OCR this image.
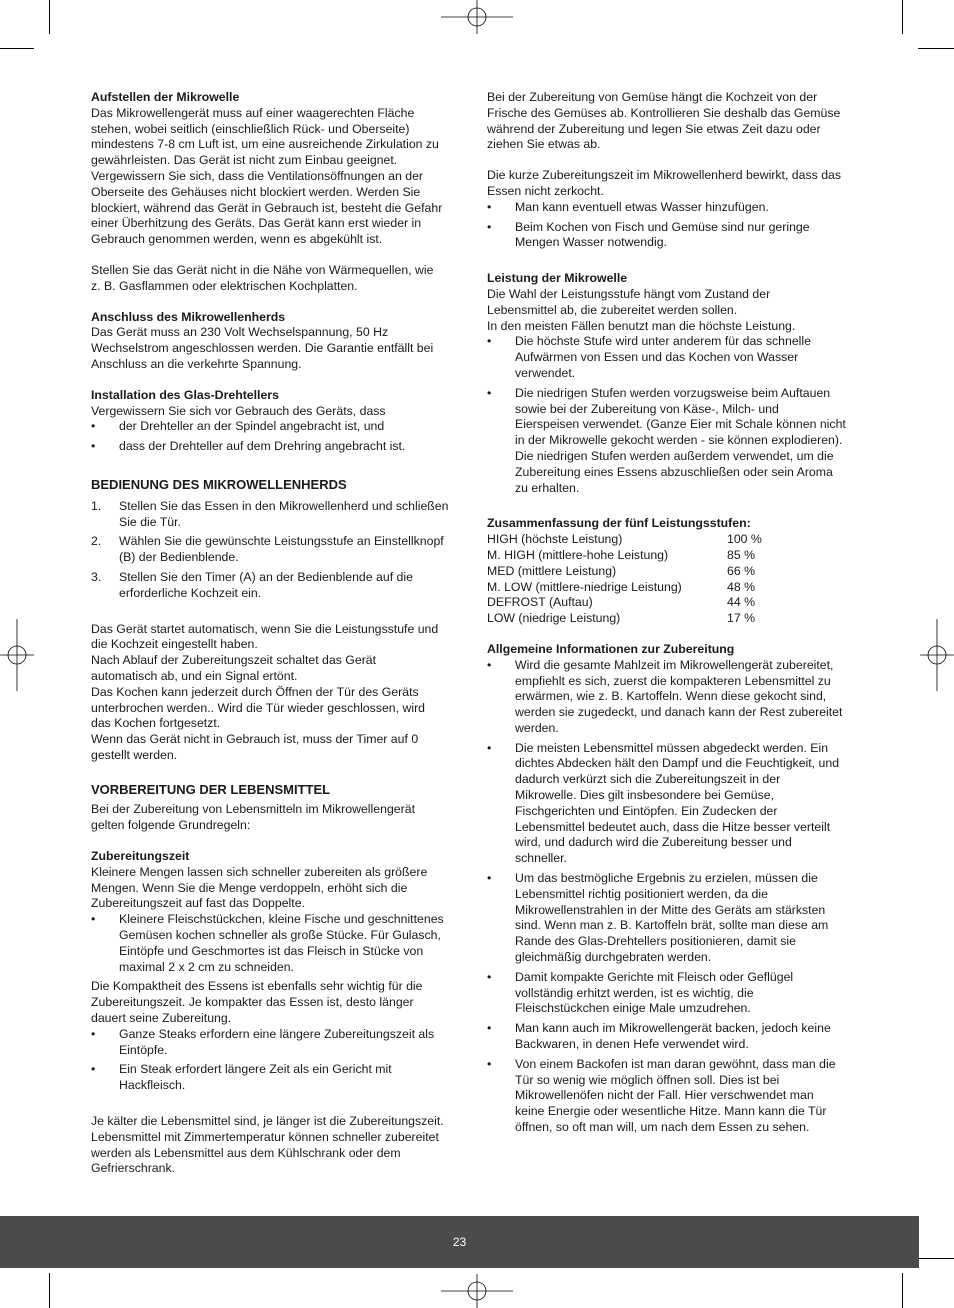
Aufstellen der Mikrowelle

Das Mikrowellengerät muss auf einer waagerechten Fläche

stehen, wobei seitlich (einschließlich Rück- und Oberseite)

mindestens 7-8 cm Luft ist, um eine ausreichende Zirkulation zu

gewährleisten. Das Gerät ist nicht zum Einbau geeignet.

Vergewissern Sie sich, dass die Ventilationsöffnungen an der

Oberseite des Gehäuses nicht blockiert werden. Werden Sie

blockiert, während das Gerät in Gebrauch ist, besteht die Gefahr

einer Überhitzung des Geräts. Das Gerät kann erst wieder in

Gebrauch genommen werden, wenn es abgekühlt ist.

Stellen Sie das Gerät nicht in die Nähe von Wärmequellen, wie

z. B. Gasflammen oder elektrischen Kochplatten.

Anschluss des Mikrowellenherds

Das Gerät muss an 230 Volt Wechselspannung, 50 Hz

Wechselstrom angeschlossen werden. Die Garantie entfällt bei

Anschluss an die verkehrte Spannung.

Installation des Glas-Drehtellers

Vergewissern Sie sich vor Gebrauch des Geräts, dass

•	der Drehteller an der Spindel angebracht ist, und

•	dass der Drehteller auf dem Drehring angebracht ist.

BEDIENUNG DES MIKROWELLENHERDS

1.	Stellen Sie das Essen in den Mikrowellenherd und schließen

Sie die Tür.

2.	Wählen Sie die gewünschte Leistungsstufe an Einstellknopf

(B) der Bedienblende.

3.	Stellen Sie den Timer (A) an der Bedienblende auf die

erforderliche Kochzeit ein.

Das Gerät startet automatisch, wenn Sie die Leistungsstufe und

die Kochzeit eingestellt haben.

Nach Ablauf der Zubereitungszeit schaltet das Gerät

automatisch ab, und ein Signal ertönt.

Das Kochen kann jederzeit durch Öffnen der Tür des Geräts

unterbrochen werden.. Wird die Tür wieder geschlossen, wird

das Kochen fortgesetzt.

Wenn das Gerät nicht in Gebrauch ist, muss der Timer auf 0

gestellt werden.

VORBEREITUNG DER LEBENSMITTEL

Bei der Zubereitung von Lebensmitteln im Mikrowellengerät

gelten folgende Grundregeln:

Zubereitungszeit

Kleinere Mengen lassen sich schneller zubereiten als größere

Mengen. Wenn Sie die Menge verdoppeln, erhöht sich die

Zubereitungszeit auf fast das Doppelte.

•	Kleinere Fleischstückchen, kleine Fische und geschnittenes

Gemüsen kochen schneller als große Stücke. Für Gulasch,

Eintöpfe und Geschmortes ist das Fleisch in Stücke von

maximal 2 x 2 cm zu schneiden.

Die Kompaktheit des Essens ist ebenfalls sehr wichtig für die

Zubereitungszeit. Je kompakter das Essen ist, desto länger

dauert seine Zubereitung.

•	Ganze Steaks erfordern eine längere Zubereitungszeit als

Eintöpfe.

•	Ein Steak erfordert längere Zeit als ein Gericht mit

Hackfleisch.

Je kälter die Lebensmittel sind, je länger ist die Zubereitungszeit.

Lebensmittel mit Zimmertemperatur können schneller zubereitet

werden als Lebensmittel aus dem Kühlschrank oder dem

Gefrierschrank.

Bei der Zubereitung von Gemüse hängt die Kochzeit von der

Frische des Gemüses ab. Kontrollieren Sie deshalb das Gemüse

während der Zubereitung und legen Sie etwas Zeit dazu oder

ziehen Sie etwas ab.

Die kurze Zubereitungszeit im Mikrowellenherd bewirkt, dass das

Essen nicht zerkocht.

•	Man kann eventuell etwas Wasser hinzufügen.

•	Beim Kochen von Fisch und Gemüse sind nur geringe

Mengen Wasser notwendig.

Leistung der Mikrowelle

Die Wahl der Leistungsstufe hängt vom Zustand der

Lebensmittel ab, die zubereitet werden sollen.

In den meisten Fällen benutzt man die höchste Leistung.

•	Die höchste Stufe wird unter anderem für das schnelle

Aufwärmen von Essen und das Kochen von Wasser

verwendet.

•	Die niedrigen Stufen werden vorzugsweise beim Auftauen

sowie bei der Zubereitung von Käse-, Milch- und

Eierspeisen verwendet. (Ganze Eier mit Schale können nicht

in der Mikrowelle gekocht werden - sie können explodieren).

Die niedrigen Stufen werden außerdem verwendet, um die

Zubereitung eines Essens abzuschließen oder sein Aroma

zu erhalten.

Zusammenfassung der fünf Leistungsstufen:

HIGH (höchste Leistung)	100 %
M. HIGH (mittlere-hohe Leistung)	85 %
MED (mittlere Leistung)	66 %
M. LOW (mittlere-niedrige Leistung)	48 %
DEFROST (Auftau)	44 %
LOW (niedrige Leistung)	17 %

Allgemeine Informationen zur Zubereitung

•	Wird die gesamte Mahlzeit im Mikrowellengerät zubereitet,

empfiehlt es sich, zuerst die kompakteren Lebensmittel zu

erwärmen, wie z. B. Kartoffeln. Wenn diese gekocht sind,

werden sie zugedeckt, und danach kann der Rest zubereitet

werden.

•	Die meisten Lebensmittel müssen abgedeckt werden. Ein

dichtes Abdecken hält den Dampf und die Feuchtigkeit, und

dadurch verkürzt sich die Zubereitungszeit in der

Mikrowelle. Dies gilt insbesondere bei Gemüse,

Fischgerichten und Eintöpfen. Ein Zudecken der

Lebensmittel bedeutet auch, dass die Hitze besser verteilt

wird, und dadurch wird die Zubereitung besser und

schneller.

•	Um das bestmögliche Ergebnis zu erzielen, müssen die

Lebensmittel richtig positioniert werden, da die

Mikrowellenstrahlen in der Mitte des Geräts am stärksten

sind. Wenn man z. B. Kartoffeln brät, sollte man diese am

Rande des Glas-Drehtellers positionieren, damit sie

gleichmäßig durchgebraten werden.

•	Damit kompakte Gerichte mit Fleisch oder Geflügel

vollständig erhitzt werden, ist es wichtig, die

Fleischstückchen einige Male umzudrehen.

•	Man kann auch im Mikrowellengerät backen, jedoch keine

Backwaren, in denen Hefe verwendet wird.

•	Von einem Backofen ist man daran gewöhnt, dass man die

Tür so wenig wie möglich öffnen soll. Dies ist bei

Mikrowellenöfen nicht der Fall. Hier verschwendet man

keine Energie oder wesentliche Hitze. Mann kann die Tür

öffnen, so oft man will, um nach dem Essen zu sehen.

23
